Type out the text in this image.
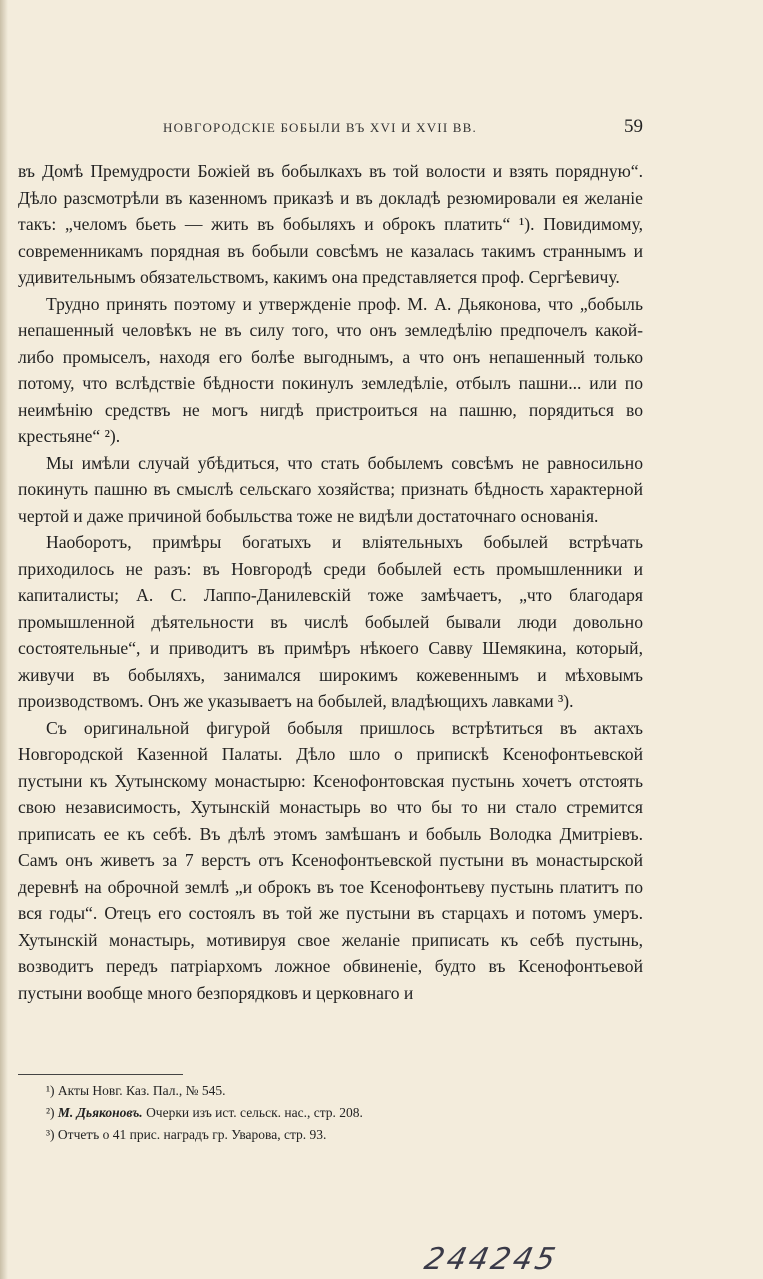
НОВГОРОДСКІЕ БОБЫЛИ ВЪ XVI И XVII ВВ.	59

въ Домѣ Премудрости Божіей въ бобылкахъ въ той волости и взять порядную“. Дѣло разсмотрѣли въ казенномъ приказѣ и въ докладѣ резюмировали ея желаніе такъ: „челомъ бьеть — жить въ бобыляхъ и оброкъ платить“ ¹). Повидимому, современникамъ порядная въ бобыли совсѣмъ не казалась такимъ страннымъ и удивительнымъ обязательствомъ, какимъ она представляется проф. Сергѣевичу.

Трудно принять поэтому и утвержденіе проф. М. А. Дьяконова, что „бобыль непашенный человѣкъ не въ силу того, что онъ земледѣлію предпочелъ какой-либо промыселъ, находя его болѣе выгоднымъ, а что онъ непашенный только потому, что вслѣдствіе бѣдности покинулъ земледѣліе, отбылъ пашни... или по неимѣнію средствъ не могъ нигдѣ пристроиться на пашню, порядиться во крестьяне“ ²).

Мы имѣли случай убѣдиться, что стать бобылемъ совсѣмъ не равносильно покинуть пашню въ смыслѣ сельскаго хозяйства; признать бѣдность характерной чертой и даже причиной бобыльства тоже не видѣли достаточнаго основанія.

Наоборотъ, примѣры богатыхъ и вліятельныхъ бобылей встрѣчать приходилось не разъ: въ Новгородѣ среди бобылей есть промышленники и капиталисты; А. С. Лаппо-Данилевскій тоже замѣчаетъ, „что благодаря промышленной дѣятельности въ числѣ бобылей бывали люди довольно состоятельные“, и приводитъ въ примѣръ нѣкоего Савву Шемякина, который, живучи въ бобыляхъ, занимался широкимъ кожевеннымъ и мѣховымъ производствомъ. Онъ же указываетъ на бобылей, владѣющихъ лавками ³).

Съ оригинальной фигурой бобыля пришлось встрѣтиться въ актахъ Новгородской Казенной Палаты. Дѣло шло о припискѣ Ксенофонтьевской пустыни къ Хутынскому монастырю: Ксенофонтовская пустынь хочетъ отстоять свою независимость, Хутынскій монастырь во что бы то ни стало стремится приписать ее къ себѣ. Въ дѣлѣ этомъ замѣшанъ и бобыль Володка Дмитріевъ. Самъ онъ живетъ за 7 верстъ отъ Ксенофонтьевской пустыни въ монастырской деревнѣ на оброчной землѣ „и оброкъ въ тое Ксенофонтьеву пустынь платитъ по вся годы“. Отецъ его состоялъ въ той же пустыни въ старцахъ и потомъ умеръ. Хутынскій монастырь, мотивируя свое желаніе приписать къ себѣ пустынь, возводитъ передъ патріархомъ ложное обвиненіе, будто въ Ксенофонтьевой пустыни вообще много безпорядковъ и церковнаго и

¹) Акты Новг. Каз. Пал., № 545.
²) М. Дьяконовъ. Очерки изъ ист. сельск. нас., стр. 208.
³) Отчетъ о 41 прис. наградъ гр. Уварова, стр. 93.
244245
